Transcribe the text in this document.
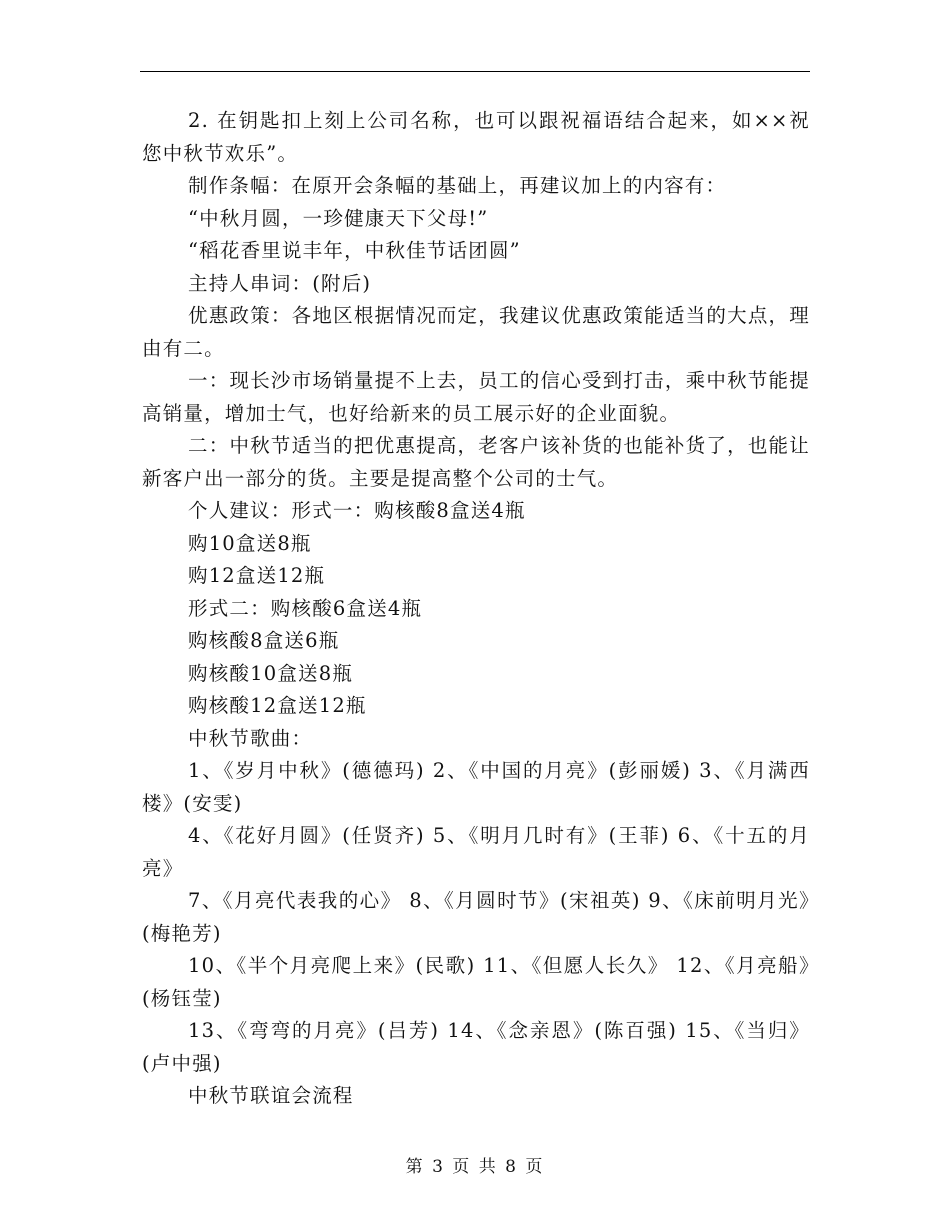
2. 在钥匙扣上刻上公司名称，也可以跟祝福语结合起来，如××祝您中秋节欢乐”。

制作条幅：在原开会条幅的基础上，再建议加上的内容有：

“中秋月圆，一珍健康天下父母!”

“稻花香里说丰年，中秋佳节话团圆”

主持人串词：(附后)

优惠政策：各地区根据情况而定，我建议优惠政策能适当的大点，理由有二。

一：现长沙市场销量提不上去，员工的信心受到打击，乘中秋节能提高销量，增加士气，也好给新来的员工展示好的企业面貌。

二：中秋节适当的把优惠提高，老客户该补货的也能补货了，也能让新客户出一部分的货。主要是提高整个公司的士气。

个人建议：形式一：购核酸8盒送4瓶

购10盒送8瓶

购12盒送12瓶

形式二：购核酸6盒送4瓶

购核酸8盒送6瓶

购核酸10盒送8瓶

购核酸12盒送12瓶

中秋节歌曲：

1、《岁月中秋》(德德玛) 2、《中国的月亮》(彭丽媛) 3、《月满西楼》(安雯)

4、《花好月圆》(任贤齐) 5、《明月几时有》(王菲) 6、《十五的月亮》

7、《月亮代表我的心》 8、《月圆时节》(宋祖英) 9、《床前明月光》(梅艳芳)

10、《半个月亮爬上来》(民歌) 11、《但愿人长久》 12、《月亮船》(杨钰莹)

13、《弯弯的月亮》(吕芳) 14、《念亲恩》(陈百强) 15、《当归》(卢中强)

中秋节联谊会流程

第 3 页 共 8 页
